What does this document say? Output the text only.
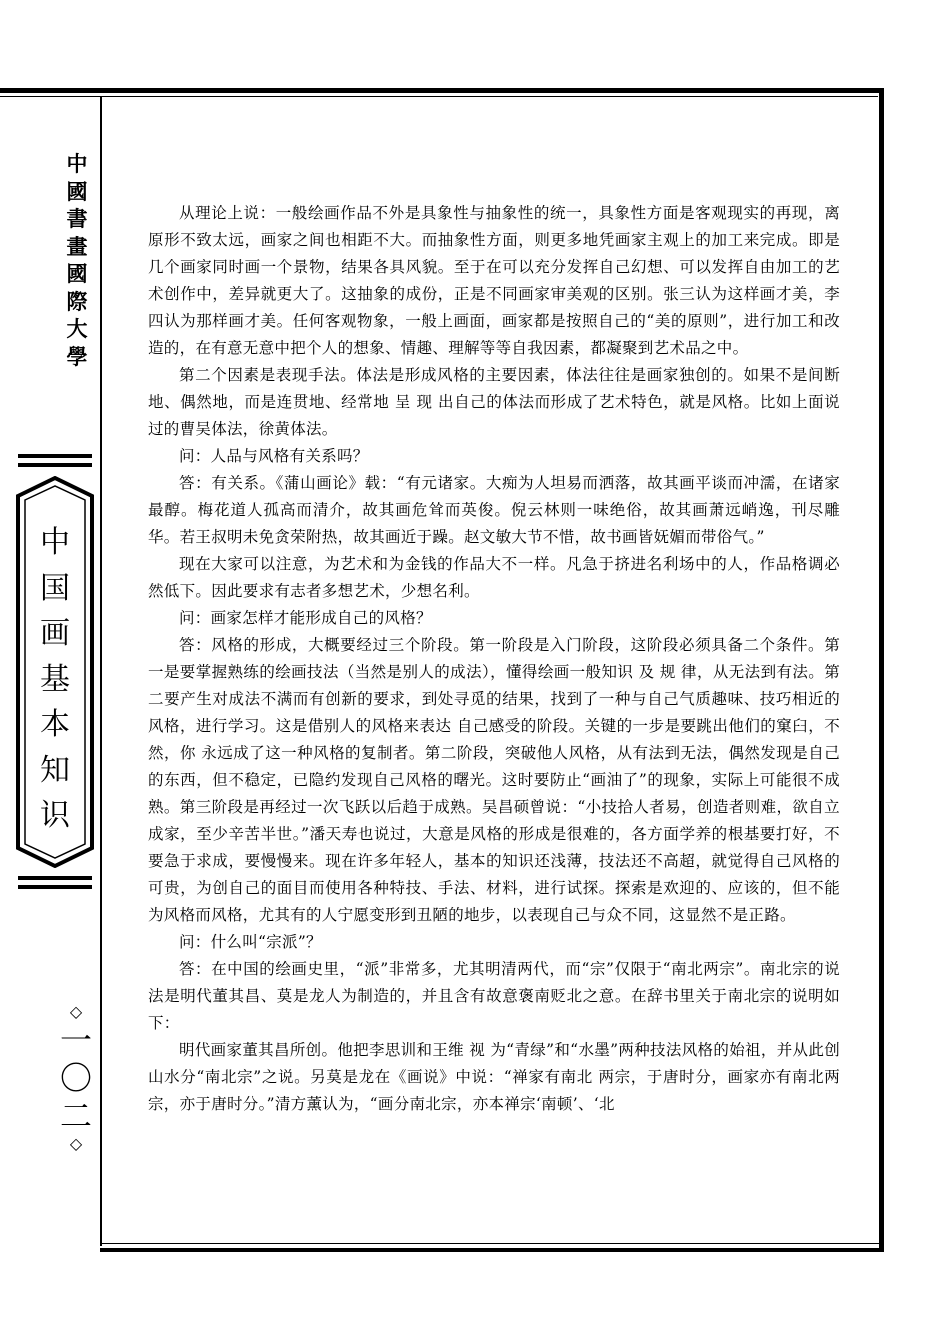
中
國
書
畫
國
際
大
學
中
国
画
基
本
知
识
◇
一
〇
二
◇

从理论上说：一般绘画作品不外是具象性与抽象性的统一，具象性方面是客观现实的再现，离原形不致太远，画家之间也相距不大。而抽象性方面，则更多地凭画家主观上的加工来完成。即是几个画家同时画一个景物，结果各具风貌。至于在可以充分发挥自己幻想、可以发挥自由加工的艺术创作中，差异就更大了。这抽象的成份，正是不同画家审美观的区别。张三认为这样画才美，李四认为那样画才美。任何客观物象，一般上画面，画家都是按照自己的“美的原则”，进行加工和改造的，在有意无意中把个人的想象、情趣、理解等等自我因素，都凝聚到艺术品之中。

第二个因素是表现手法。体法是形成风格的主要因素，体法往往是画家独创的。如果不是间断地、偶然地，而是连贯地、经常地 呈 现 出自己的体法而形成了艺术特色，就是风格。比如上面说过的曹吴体法，徐黄体法。

问：人品与风格有关系吗？

答：有关系。《蒲山画论》载：“有元诸家。大痴为人坦易而洒落，故其画平谈而冲濡，在诸家最醇。梅花道人孤高而清介，故其画危耸而英俊。倪云林则一味绝俗，故其画萧远峭逸，刊尽雕华。若王叔明未免贪荣附热，故其画近于躁。赵文敏大节不惜，故书画皆妩媚而带俗气。”

现在大家可以注意，为艺术和为金钱的作品大不一样。凡急于挤进名利场中的人，作品格调必然低下。因此要求有志者多想艺术，少想名利。

问：画家怎样才能形成自己的风格？

答：风格的形成，大概要经过三个阶段。第一阶段是入门阶段，这阶段必须具备二个条件。第一是要掌握熟练的绘画技法（当然是别人的成法），懂得绘画一般知识 及 规 律，从无法到有法。第二要产生对成法不满而有创新的要求，到处寻觅的结果，找到了一种与自己气质趣味、技巧相近的风格，进行学习。这是借别人的风格来表达 自己感受的阶段。关键的一步是要跳出他们的窠臼，不然，你 永远成了这一种风格的复制者。第二阶段，突破他人风格，从有法到无法，偶然发现是自己的东西，但不稳定，已隐约发现自己风格的曙光。这时要防止“画油了”的现象，实际上可能很不成熟。第三阶段是再经过一次飞跃以后趋于成熟。吴昌硕曾说：“小技拾人者易，创造者则难，欲自立成家，至少辛苦半世。”潘天寿也说过，大意是风格的形成是很难的，各方面学养的根基要打好，不要急于求成，要慢慢来。现在许多年轻人，基本的知识还浅薄，技法还不高超，就觉得自己风格的可贵，为创自己的面目而使用各种特技、手法、材料，进行试探。探索是欢迎的、应该的，但不能为风格而风格，尤其有的人宁愿变形到丑陋的地步，以表现自己与众不同，这显然不是正路。

问：什么叫“宗派”？

答：在中国的绘画史里，“派”非常多，尤其明清两代，而“宗”仅限于“南北两宗”。南北宗的说法是明代董其昌、莫是龙人为制造的，并且含有故意褒南贬北之意。在辞书里关于南北宗的说明如下：

明代画家董其昌所创。他把李思训和王维 视 为“青绿”和“水墨”两种技法风格的始祖，并从此创山水分“南北宗”之说。另莫是龙在《画说》中说：“禅家有南北 两宗，于唐时分，画家亦有南北两宗，亦于唐时分。”清方薰认为，“画分南北宗，亦本禅宗‘南顿’、‘北
